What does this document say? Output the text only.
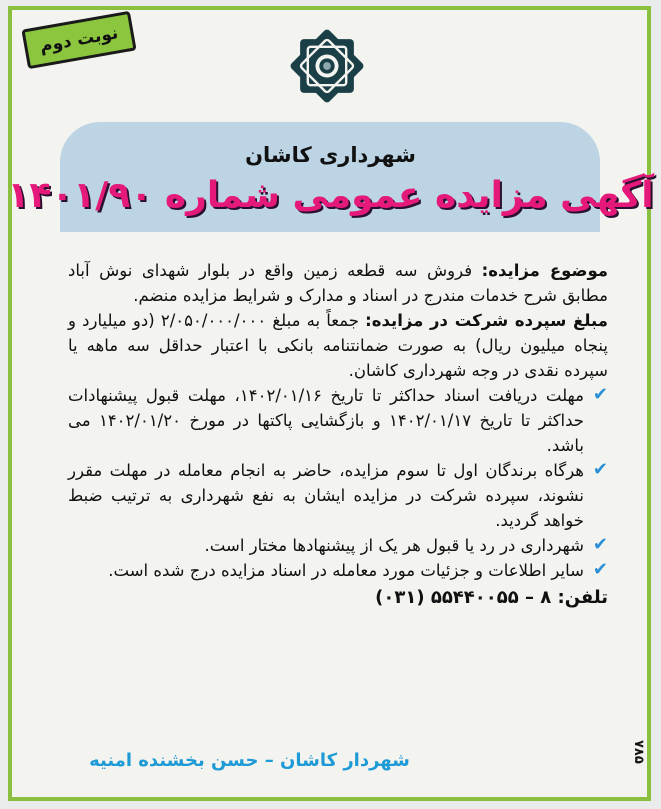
نوبت دوم
شهرداری کاشان
آگهی مزایده عمومی شماره ۱۴۰۱/۹۰

موضوع مزایده: فروش سه قطعه زمین واقع در بلوار شهدای نوش آباد مطابق شرح خدمات مندرج در اسناد و مدارک و شرایط مزایده منضم.

مبلغ سپرده شرکت در مزایده: جمعاً به مبلغ ۲/۰۵۰/۰۰۰/۰۰۰ (دو میلیارد و پنجاه میلیون ریال) به صورت ضمانتنامه بانکی با اعتبار حداقل سه ماهه یا سپرده نقدی در وجه شهرداری کاشان.

✔
مهلت دریافت اسناد حداکثر تا تاریخ ۱۴۰۲/۰۱/۱۶، مهلت قبول پیشنهادات حداکثر تا تاریخ ۱۴۰۲/۰۱/۱۷ و بازگشایی پاکتها در مورخ ۱۴۰۲/۰۱/۲۰ می باشد.
✔
هرگاه برندگان اول تا سوم مزایده، حاضر به انجام معامله در مهلت مقرر نشوند، سپرده شرکت در مزایده ایشان به نفع شهرداری به ترتیب ضبط خواهد گردید.
✔
شهرداری در رد یا قبول هر یک از پیشنهادها مختار است.
✔
سایر اطلاعات و جزئیات مورد معامله در اسناد مزایده درج شده است.
تلفن: (۰۳۱) ۵۵۴۴۰۰۵۵ – ۸
شهردار کاشان – حسن بخشنده امنیه	۷۸۵
